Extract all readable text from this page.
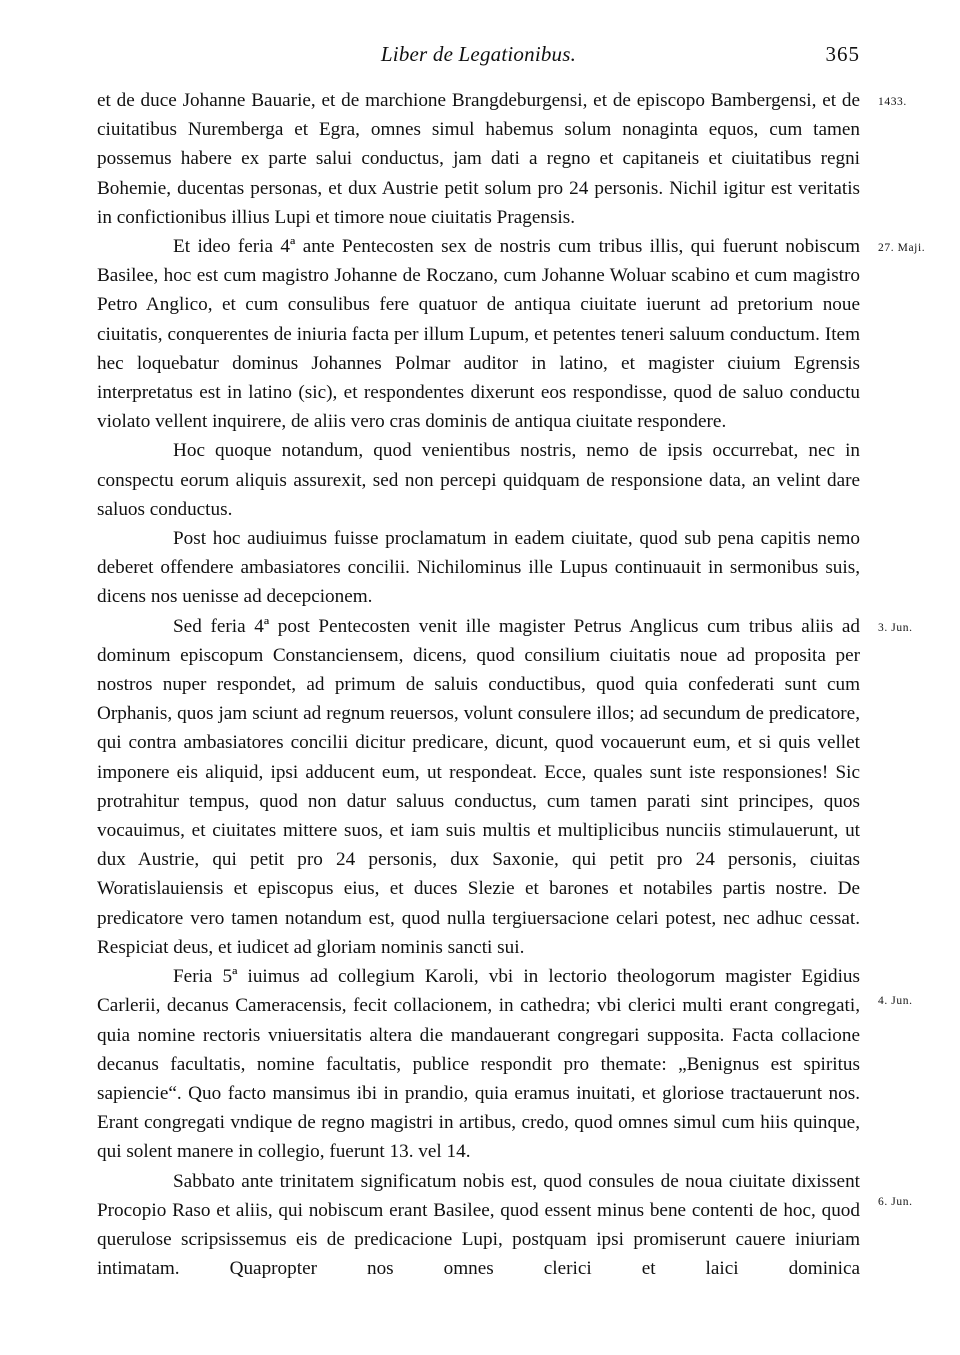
Liber de Legationibus.	365
1433.
27. Maji.
3. Jun.
4. Jun.
6. Jun.

et de duce Johanne Bauarie, et de marchione Brangdeburgensi, et de episcopo Bambergensi, et de ciuitatibus Nuremberga et Egra, omnes simul habemus solum nonaginta equos, cum tamen possemus habere ex parte salui conductus, jam dati a regno et capitaneis et ciuitatibus regni Bohemie, ducentas personas, et dux Austrie petit solum pro 24 personis. Nichil igitur est veritatis in confictionibus illius Lupi et timore noue ciuitatis Pragensis.

Et ideo feria 4ª ante Pentecosten sex de nostris cum tribus illis, qui fuerunt nobiscum Basilee, hoc est cum magistro Johanne de Roczano, cum Johanne Woluar scabino et cum magistro Petro Anglico, et cum consulibus fere quatuor de antiqua ciuitate iuerunt ad pretorium noue ciuitatis, conquerentes de iniuria facta per illum Lupum, et petentes teneri saluum conductum. Item hec loquebatur dominus Johannes Polmar auditor in latino, et magister ciuium Egrensis interpretatus est in latino (sic), et respondentes dixerunt eos respondisse, quod de saluo conductu violato vellent inquirere, de aliis vero cras dominis de antiqua ciuitate respondere.

Hoc quoque notandum, quod venientibus nostris, nemo de ipsis occurrebat, nec in conspectu eorum aliquis assurexit, sed non percepi quidquam de responsione data, an velint dare saluos conductus.

Post hoc audiuimus fuisse proclamatum in eadem ciuitate, quod sub pena capitis nemo deberet offendere ambasiatores concilii. Nichilominus ille Lupus continuauit in sermonibus suis, dicens nos uenisse ad decepcionem.

Sed feria 4ª post Pentecosten venit ille magister Petrus Anglicus cum tribus aliis ad dominum episcopum Constanciensem, dicens, quod consilium ciuitatis noue ad proposita per nostros nuper respondet, ad primum de saluis conductibus, quod quia confederati sunt cum Orphanis, quos jam sciunt ad regnum reuersos, volunt consulere illos; ad secundum de predicatore, qui contra ambasiatores concilii dicitur predicare, dicunt, quod vocauerunt eum, et si quis vellet imponere eis aliquid, ipsi adducent eum, ut respondeat. Ecce, quales sunt iste responsiones! Sic protrahitur tempus, quod non datur saluus conductus, cum tamen parati sint principes, quos vocauimus, et ciuitates mittere suos, et iam suis multis et multiplicibus nunciis stimulauerunt, ut dux Austrie, qui petit pro 24 personis, dux Saxonie, qui petit pro 24 personis, ciuitas Woratislauiensis et episcopus eius, et duces Slezie et barones et notabiles partis nostre. De predicatore vero tamen notandum est, quod nulla tergiuersacione celari potest, nec adhuc cessat. Respiciat deus, et iudicet ad gloriam nominis sancti sui.

Feria 5ª iuimus ad collegium Karoli, vbi in lectorio theologorum magister Egidius Carlerii, decanus Cameracensis, fecit collacionem, in cathedra; vbi clerici multi erant congregati, quia nomine rectoris vniuersitatis altera die mandauerant congregari supposita. Facta collacione decanus facultatis, nomine facultatis, publice respondit pro themate: „Benignus est spiritus sapiencie“. Quo facto mansimus ibi in prandio, quia eramus inuitati, et gloriose tractauerunt nos. Erant congregati vndique de regno magistri in artibus, credo, quod omnes simul cum hiis quinque, qui solent manere in collegio, fuerunt 13. vel 14.

Sabbato ante trinitatem significatum nobis est, quod consules de noua ciuitate dixissent Procopio Raso et aliis, qui nobiscum erant Basilee, quod essent minus bene contenti de hoc, quod querulose scripsissemus eis de predicacione Lupi, postquam ipsi promiserunt cauere iniuriam intimatam. Quapropter nos omnes clerici et laici dominica
